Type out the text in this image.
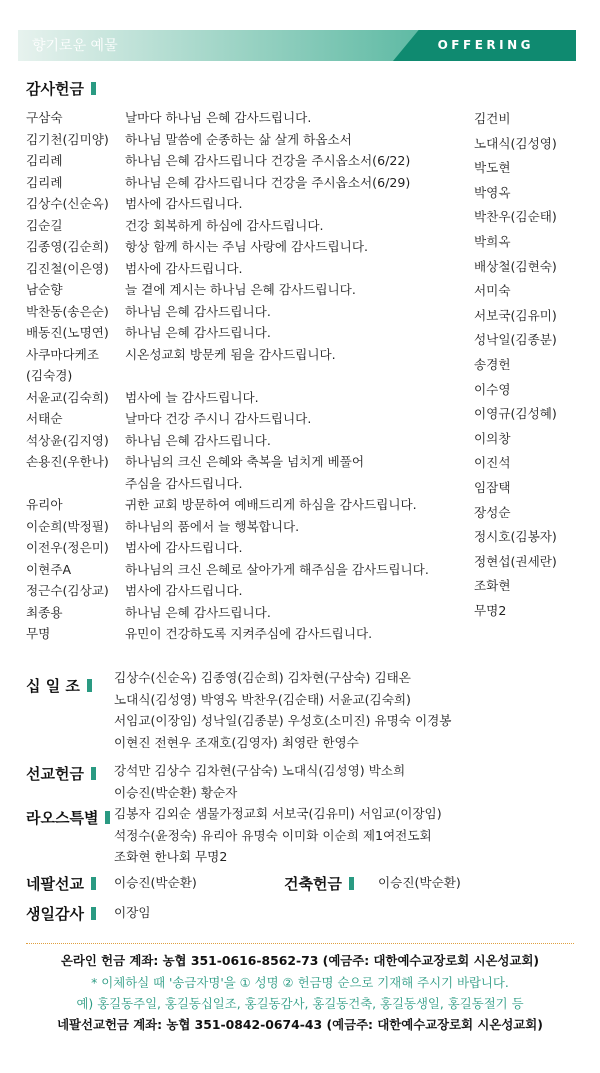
향기로운 예물	OFFERING
감사헌금
구삼숙	날마다 하나님 은혜 감사드립니다.
김기천(김미양)	하나님 말씀에 순종하는 삶 살게 하옵소서
김리례	하나님 은혜 감사드립니다 건강을 주시옵소서(6/22)
김리례	하나님 은혜 감사드립니다 건강을 주시옵소서(6/29)
김상수(신순옥)	범사에 감사드립니다.
김순길	건강 회복하게 하심에 감사드립니다.
김종영(김순희)	항상 함께 하시는 주님 사랑에 감사드립니다.
김진철(이은영)	범사에 감사드립니다.
남순향	늘 곁에 계시는 하나님 은혜 감사드립니다.
박찬동(송은순)	하나님 은혜 감사드립니다.
배동진(노명연)	하나님 은혜 감사드립니다.
사쿠마다케조	시온성교회 방문케 됨을 감사드립니다.
(김숙경)
서윤교(김숙희)	범사에 늘 감사드립니다.
서태순	날마다 건강 주시니 감사드립니다.
석상윤(김지영)	하나님 은혜 감사드립니다.
손용진(우한나)	하나님의 크신 은혜와 축복을 넘치게 베풀어
주심을 감사드립니다.
유리아	귀한 교회 방문하여 예배드리게 하심을 감사드립니다.
이순희(박정필)	하나님의 품에서 늘 행복합니다.
이전우(정은미)	범사에 감사드립니다.
이현주A	하나님의 크신 은혜로 살아가게 해주심을 감사드립니다.
정근수(김상교)	범사에 감사드립니다.
최종용	하나님 은혜 감사드립니다.
무명	유민이 건강하도록 지켜주심에 감사드립니다.
김건비
노대식(김성영)
박도현
박영옥
박찬우(김순태)
박희옥
배상철(김현숙)
서미숙
서보국(김유미)
성낙일(김종분)
송경헌
이수영
이영규(김성혜)
이의창
이진석
임잠택
장성순
정시호(김봉자)
정현섭(권세란)
조화현
무명2
십 일 조	김상수(신순옥) 김종영(김순희) 김차현(구삼숙) 김태온
노대식(김성영) 박영옥 박찬우(김순태) 서윤교(김숙희)
서임교(이장임) 성낙일(김종분) 우성호(소미진) 유명숙 이경봉
이현진 전현우 조재호(김영자) 최영란 한영수
선교헌금	강석만 김상수 김차현(구삼숙) 노대식(김성영) 박소희
이승진(박순환) 황순자
라오스특별	김봉자 김외순 샘물가정교회 서보국(김유미) 서임교(이장임)
석정수(윤정숙) 유리아 유명숙 이미화 이순희 제1여전도회
조화현 한나회 무명2
네팔선교	이승진(박순환)	건축헌금	이승진(박순환)
생일감사	이장임
온라인 헌금 계좌: 농협 351-0616-8562-73 (예금주: 대한예수교장로회 시온성교회)
* 이체하실 때 '송금자명'을 ① 성명 ② 헌금명 순으로 기재해 주시기 바랍니다.
예) 홍길동주일, 홍길동십일조, 홍길동감사, 홍길동건축, 홍길동생일, 홍길동절기 등
네팔선교헌금 계좌: 농협 351-0842-0674-43 (예금주: 대한예수교장로회 시온성교회)
